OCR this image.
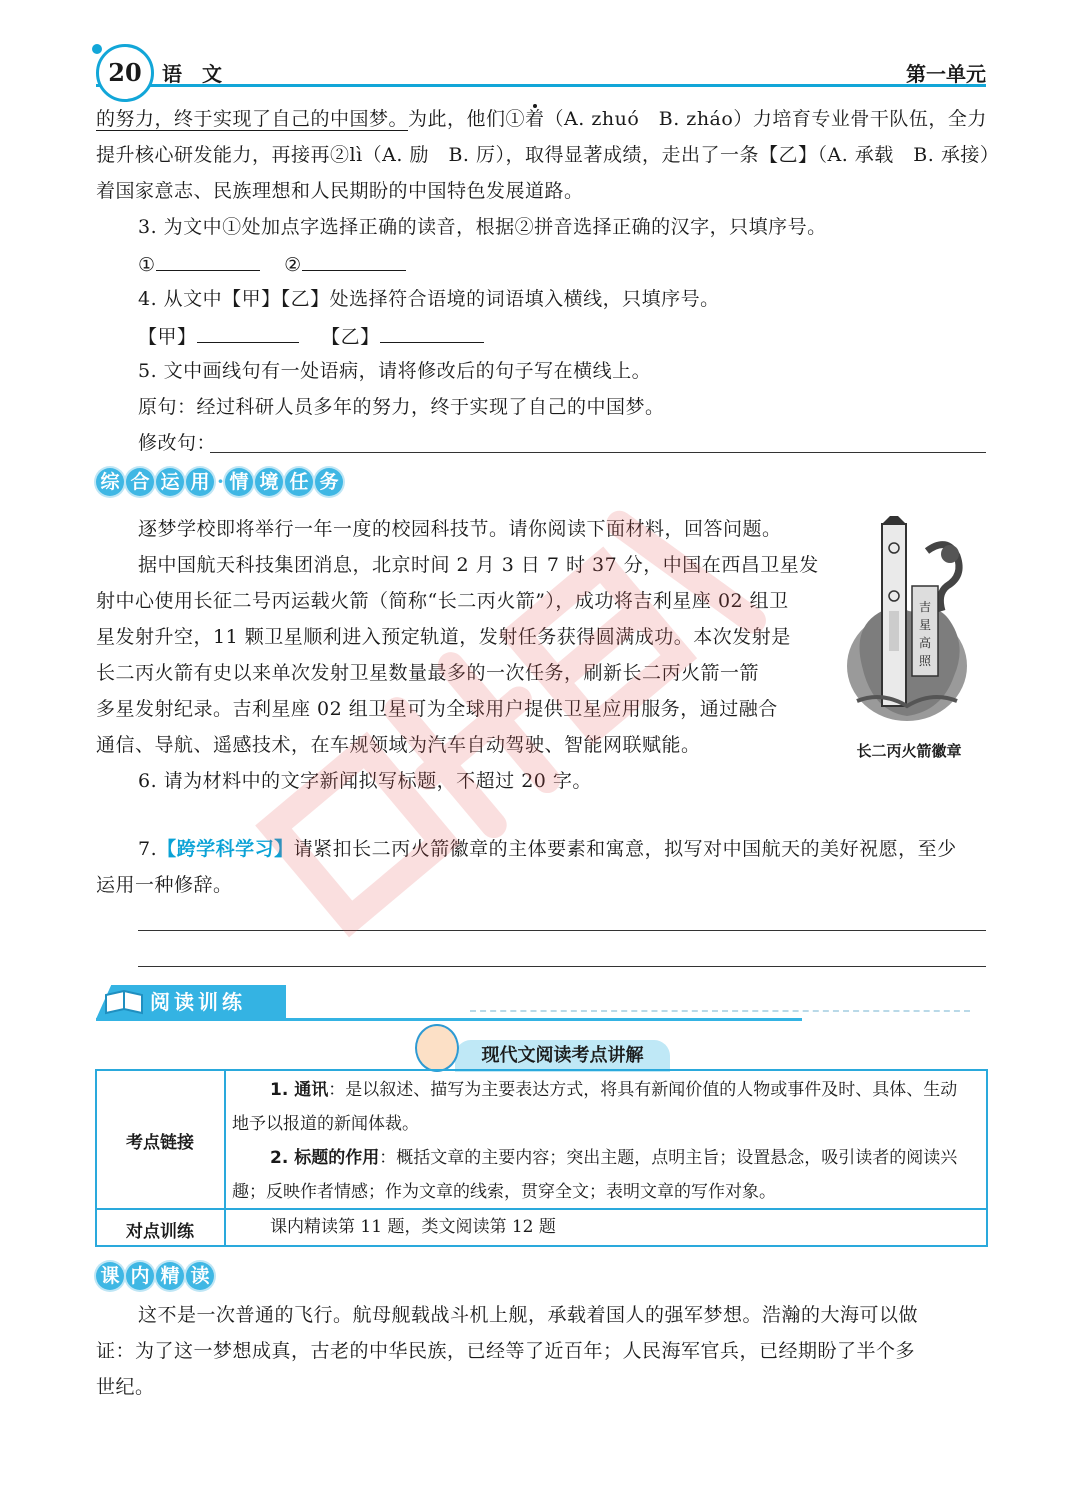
20	语　文	第一单元
的努力，终于实现了自己的中国梦。为此，他们①着（A. zhuó　B. zháo）力培育专业骨干队伍，全力
提升核心研发能力，再接再②lì（A. 励　B. 厉），取得显著成绩，走出了一条【乙】（A. 承载　B. 承接）
着国家意志、民族理想和人民期盼的中国特色发展道路。
3. 为文中①处加点字选择正确的读音，根据②拼音选择正确的汉字，只填序号。
①	②
4. 从文中【甲】【乙】处选择符合语境的词语填入横线，只填序号。
【甲】	【乙】
5. 文中画线句有一处语病，请将修改后的句子写在横线上。
原句：经过科研人员多年的努力，终于实现了自己的中国梦。
修改句：
综 合 运 用 · 情 境 任 务
逐梦学校即将举行一年一度的校园科技节。请你阅读下面材料，回答问题。
据中国航天科技集团消息，北京时间 2 月 3 日 7 时 37 分，中国在西昌卫星发
射中心使用长征二号丙运载火箭（简称“长二丙火箭”），成功将吉利星座 02 组卫
星发射升空，11 颗卫星顺利进入预定轨道，发射任务获得圆满成功。本次发射是
长二丙火箭有史以来单次发射卫星数量最多的一次任务，刷新长二丙火箭一箭
多星发射纪录。吉利星座 02 组卫星可为全球用户提供卫星应用服务，通过融合
通信、导航、遥感技术，在车规领域为汽车自动驾驶、智能网联赋能。
吉
星
高
照
长二丙火箭徽章
6. 请为材料中的文字新闻拟写标题，不超过 20 字。
7.【跨学科学习】请紧扣长二丙火箭徽章的主体要素和寓意，拟写对中国航天的美好祝愿，至少
运用一种修辞。
阅读训练
现代文阅读考点讲解
考点链接
1. 通讯：是以叙述、描写为主要表达方式，将具有新闻价值的人物或事件及时、具体、生动
地予以报道的新闻体裁。
2. 标题的作用：概括文章的主要内容；突出主题，点明主旨；设置悬念，吸引读者的阅读兴
趣；反映作者情感；作为文章的线索，贯穿全文；表明文章的写作对象。
对点训练	课内精读第 11 题，类文阅读第 12 题
课 内 精 读
这不是一次普通的飞行。航母舰载战斗机上舰，承载着国人的强军梦想。浩瀚的大海可以做
证：为了这一梦想成真，古老的中华民族，已经等了近百年；人民海军官兵，已经期盼了半个多
世纪。
